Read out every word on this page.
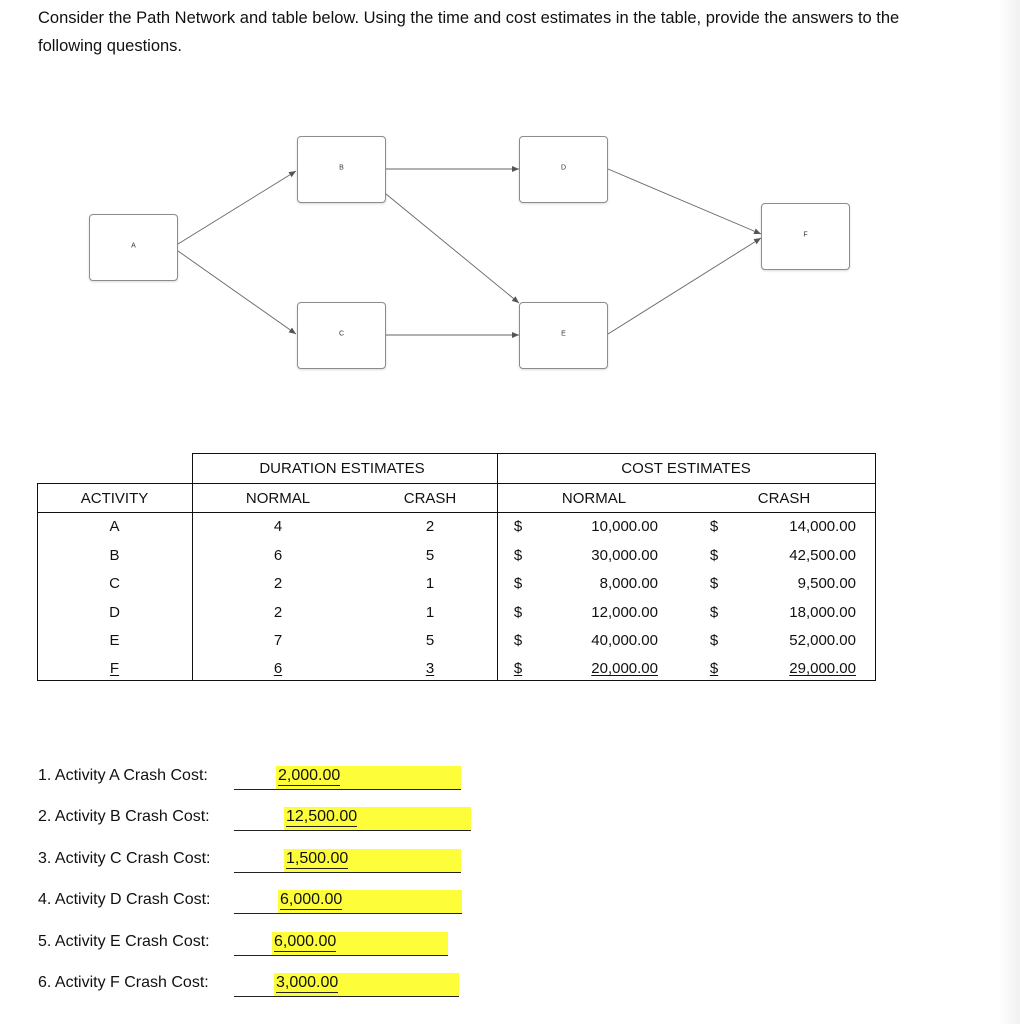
Consider the Path Network and table below. Using the time and cost estimates in the table, provide the answers to the following questions.
A
B
C
D
E
F
DURATION ESTIMATES	COST ESTIMATES
ACTIVITY	NORMAL	CRASH	NORMAL	CRASH
A	4	2	$	10,000.00	$	14,000.00
B	6	5	$	30,000.00	$	42,500.00
C	2	1	$	8,000.00	$	9,500.00
D	2	1	$	12,000.00	$	18,000.00
E	7	5	$	40,000.00	$	52,000.00
F	6	3	$	20,000.00	$	29,000.00
1. Activity A Crash Cost:	2,000.00
2. Activity B Crash Cost:	12,500.00
3. Activity C Crash Cost:	1,500.00
4. Activity D Crash Cost:	6,000.00
5. Activity E Crash Cost:	6,000.00
6. Activity F Crash Cost:	3,000.00
